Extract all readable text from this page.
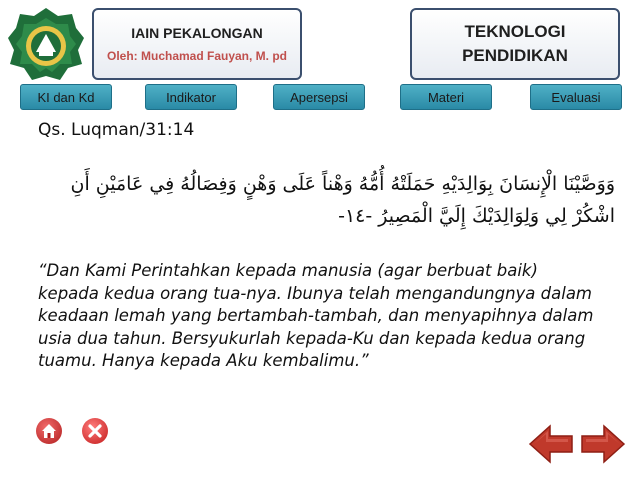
IAIN PEKALONGAN
Oleh: Muchamad Fauyan, M. pd
TEKNOLOGI
PENDIDIKAN
KI dan Kd	Indikator	Apersepsi	Materi	Evaluasi
Qs. Luqman/31:14
وَوَصَّيْنَا الْإِنسَانَ بِوَالِدَيْهِ حَمَلَتْهُ أُمُّهُ وَهْناً عَلَى وَهْنٍ وَفِصَالُهُ فِي عَامَيْنِ أَنِ
اشْكُرْ لِي وَلِوَالِدَيْكَ إِلَيَّ الْمَصِيرُ -١٤-
“Dan Kami Perintahkan kepada manusia (agar berbuat baik) kepada kedua orang tua-nya. Ibunya telah mengandungnya dalam keadaan lemah yang bertambah-tambah, dan menyapihnya dalam usia dua tahun. Bersyukurlah kepada-Ku dan kepada kedua orang tuamu. Hanya kepada Aku kembalimu.”
